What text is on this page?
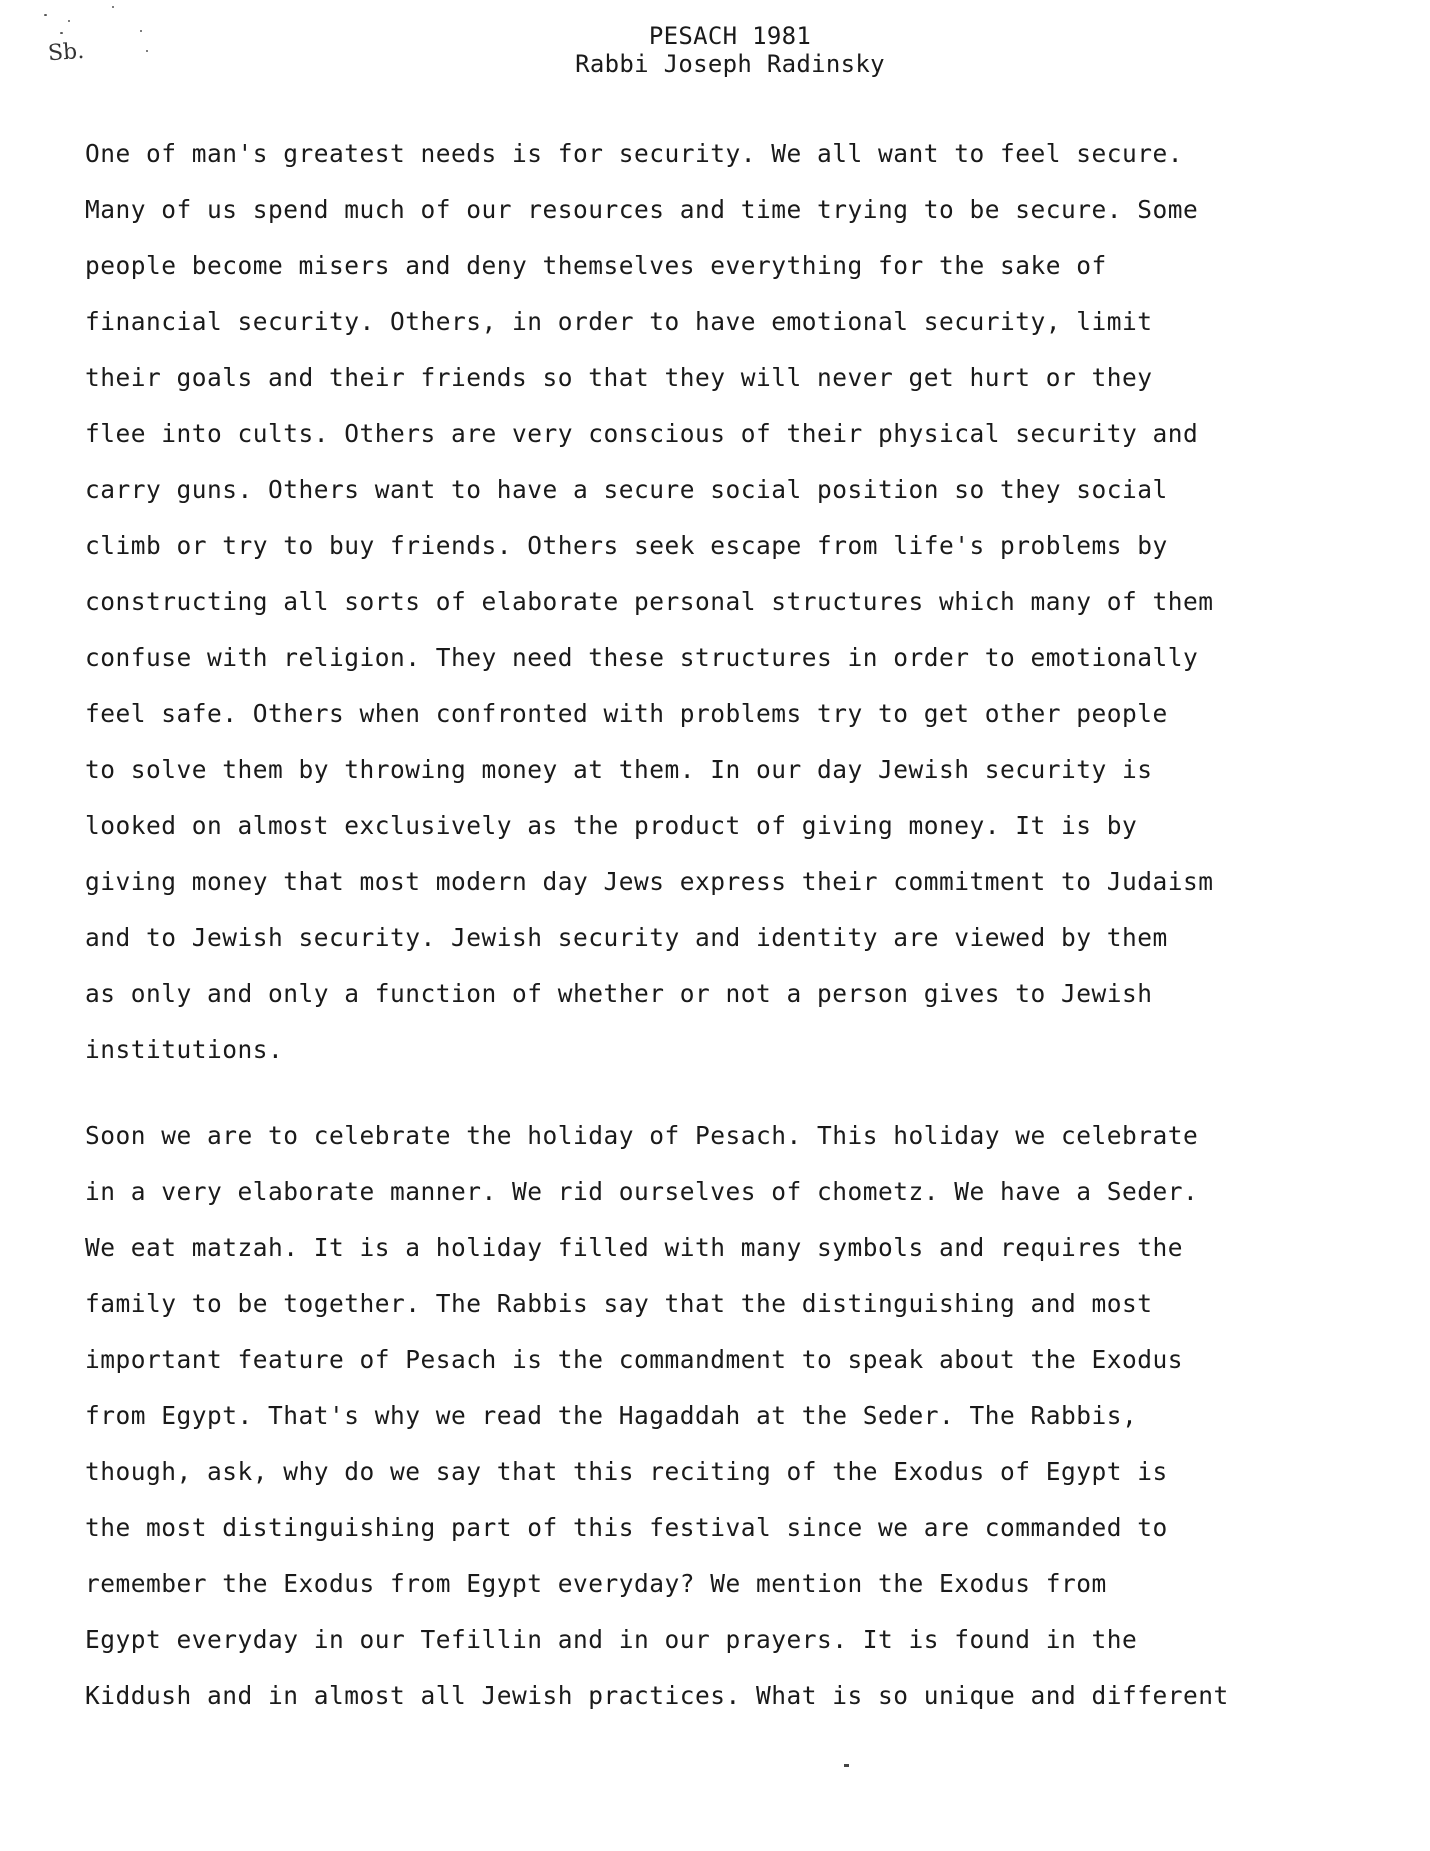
Sb.
PESACH 1981
Rabbi Joseph Radinsky
One of man's greatest needs is for security. We all want to feel secure.
Many of us spend much of our resources and time trying to be secure. Some
people become misers and deny themselves everything for the sake of
financial security. Others, in order to have emotional security, limit
their goals and their friends so that they will never get hurt or they
flee into cults. Others are very conscious of their physical security and
carry guns. Others want to have a secure social position so they social
climb or try to buy friends. Others seek escape from life's problems by
constructing all sorts of elaborate personal structures which many of them
confuse with religion. They need these structures in order to emotionally
feel safe. Others when confronted with problems try to get other people
to solve them by throwing money at them. In our day Jewish security is
looked on almost exclusively as the product of giving money. It is by
giving money that most modern day Jews express their commitment to Judaism
and to Jewish security. Jewish security and identity are viewed by them
as only and only a function of whether or not a person gives to Jewish
institutions.
Soon we are to celebrate the holiday of Pesach. This holiday we celebrate
in a very elaborate manner. We rid ourselves of chometz. We have a Seder.
We eat matzah. It is a holiday filled with many symbols and requires the
family to be together. The Rabbis say that the distinguishing and most
important feature of Pesach is the commandment to speak about the Exodus
from Egypt. That's why we read the Hagaddah at the Seder. The Rabbis,
though, ask, why do we say that this reciting of the Exodus of Egypt is
the most distinguishing part of this festival since we are commanded to
remember the Exodus from Egypt everyday? We mention the Exodus from
Egypt everyday in our Tefillin and in our prayers. It is found in the
Kiddush and in almost all Jewish practices. What is so unique and different
